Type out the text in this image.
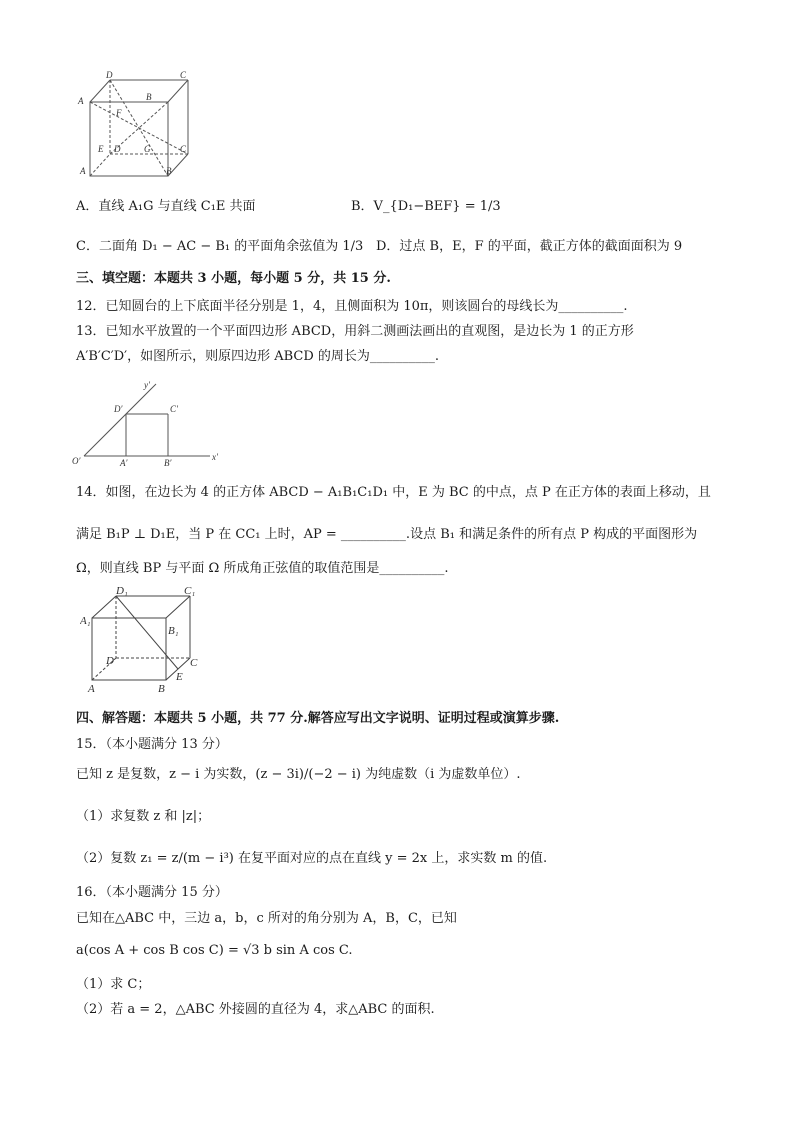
D	C
A	B
F
E D	G	C
A	B
A．直线 A₁G 与直线 C₁E 共面	B．V_{D₁−BEF} = 1/3
C．二面角 D₁ − AC − B₁ 的平面角余弦值为 1/3 D．过点 B，E，F 的平面，截正方体的截面面积为 9
三、填空题：本题共 3 小题，每小题 5 分，共 15 分.
12．已知圆台的上下底面半径分别是 1，4，且侧面积为 10π，则该圆台的母线长为__________.
13．已知水平放置的一个平面四边形 ABCD，用斜二测画法画出的直观图，是边长为 1 的正方形
A′B′C′D′，如图所示，则原四边形 ABCD 的周长为__________.
y′
x′
O′	A′	B′
C′
D′
14．如图，在边长为 4 的正方体 ABCD − A₁B₁C₁D₁ 中，E 为 BC 的中点，点 P 在正方体的表面上移动，且
满足 B₁P ⊥ D₁E，当 P 在 CC₁ 上时，AP = __________.设点 B₁ 和满足条件的所有点 P 构成的平面图形为
Ω，则直线 BP 与平面 Ω 所成角正弦值的取值范围是__________.
D₁	C₁
A₁
B₁
D	C
E
A	B
四、解答题：本题共 5 小题，共 77 分.解答应写出文字说明、证明过程或演算步骤.
15．（本小题满分 13 分）
已知 z 是复数，z − i 为实数，(z − 3i)/(−2 − i) 为纯虚数（i 为虚数单位）.
（1）求复数 z 和 |z|；
（2）复数 z₁ = z/(m − i³) 在复平面对应的点在直线 y = 2x 上，求实数 m 的值.
16．（本小题满分 15 分）
已知在△ABC 中，三边 a，b，c 所对的角分别为 A，B，C，已知
a(cos A + cos B cos C) = √3 b sin A cos C.
（1）求 C；
（2）若 a = 2，△ABC 外接圆的直径为 4，求△ABC 的面积.
